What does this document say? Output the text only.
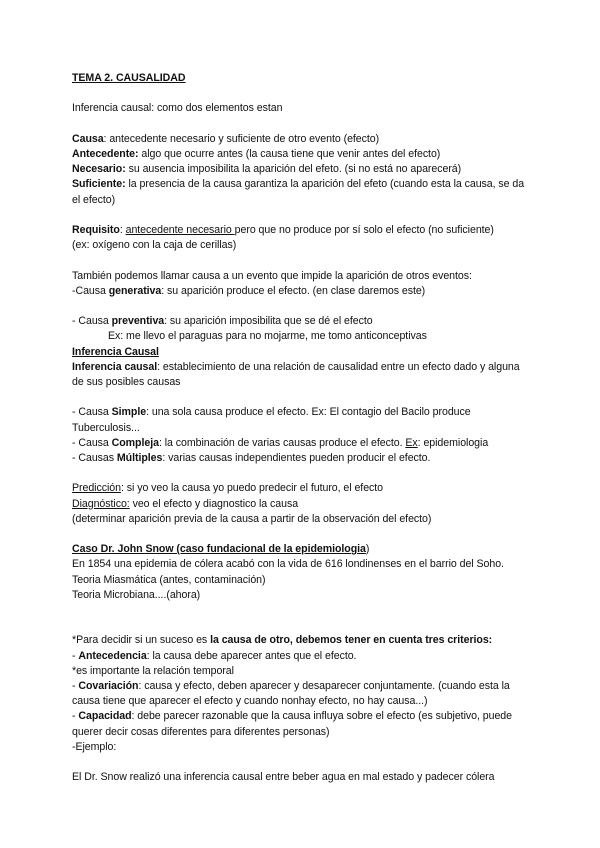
TEMA 2. CAUSALIDAD

Inferencia causal: como dos elementos estan

Causa: antecedente necesario y suficiente de otro evento (efecto)

Antecedente: algo que ocurre antes (la causa tiene que venir antes del efecto)

Necesario: su ausencia imposibilita la aparición del efeto. (si no está no aparecerá)

Suficiente: la presencia de la causa garantiza la aparición del efeto (cuando esta la causa, se da el efecto)

Requisito: antecedente necesario pero que no produce por sí solo el efecto (no suficiente)

(ex: oxígeno con la caja de cerillas)

También podemos llamar causa a un evento que impide la aparición de otros eventos:

-Causa generativa: su aparición produce el efecto. (en clase daremos este)

- Causa preventiva: su aparición imposibilita que se dé el efecto

Ex: me llevo el paraguas para no mojarme, me tomo anticonceptivas

Inferencia Causal

Inferencia causal: establecimiento de una relación de causalidad entre un efecto dado y alguna de sus posibles causas

- Causa Simple: una sola causa produce el efecto. Ex: El contagio del Bacilo produce Tuberculosis...

- Causa Compleja: la combinación de varias causas produce el efecto. Ex: epidemiologia

- Causas Múltiples: varias causas independientes pueden producir el efecto.

Predicción: si yo veo la causa yo puedo predecir el futuro, el efecto

Diagnóstico: veo el efecto y diagnostico la causa

(determinar aparición previa de la causa a partir de la observación del efecto)

Caso Dr. John Snow (caso fundacional de la epidemiologia)

En 1854 una epidemia de cólera acabó con la vida de 616 londinenses en el barrio del Soho.

Teoria Miasmática (antes, contaminación)

Teoria Microbiana....(ahora)

*Para decidir si un suceso es la causa de otro, debemos tener en cuenta tres criterios:

- Antecedencia: la causa debe aparecer antes que el efecto.

*es importante la relación temporal

- Covariación: causa y efecto, deben aparecer y desaparecer conjuntamente. (cuando esta la causa tiene que aparecer el efecto y cuando nonhay efecto, no hay causa...)

- Capacidad: debe parecer razonable que la causa influya sobre el efecto (es subjetivo, puede querer decir cosas diferentes para diferentes personas)

-Ejemplo:

El Dr. Snow realizó una inferencia causal entre beber agua en mal estado y padecer cólera
